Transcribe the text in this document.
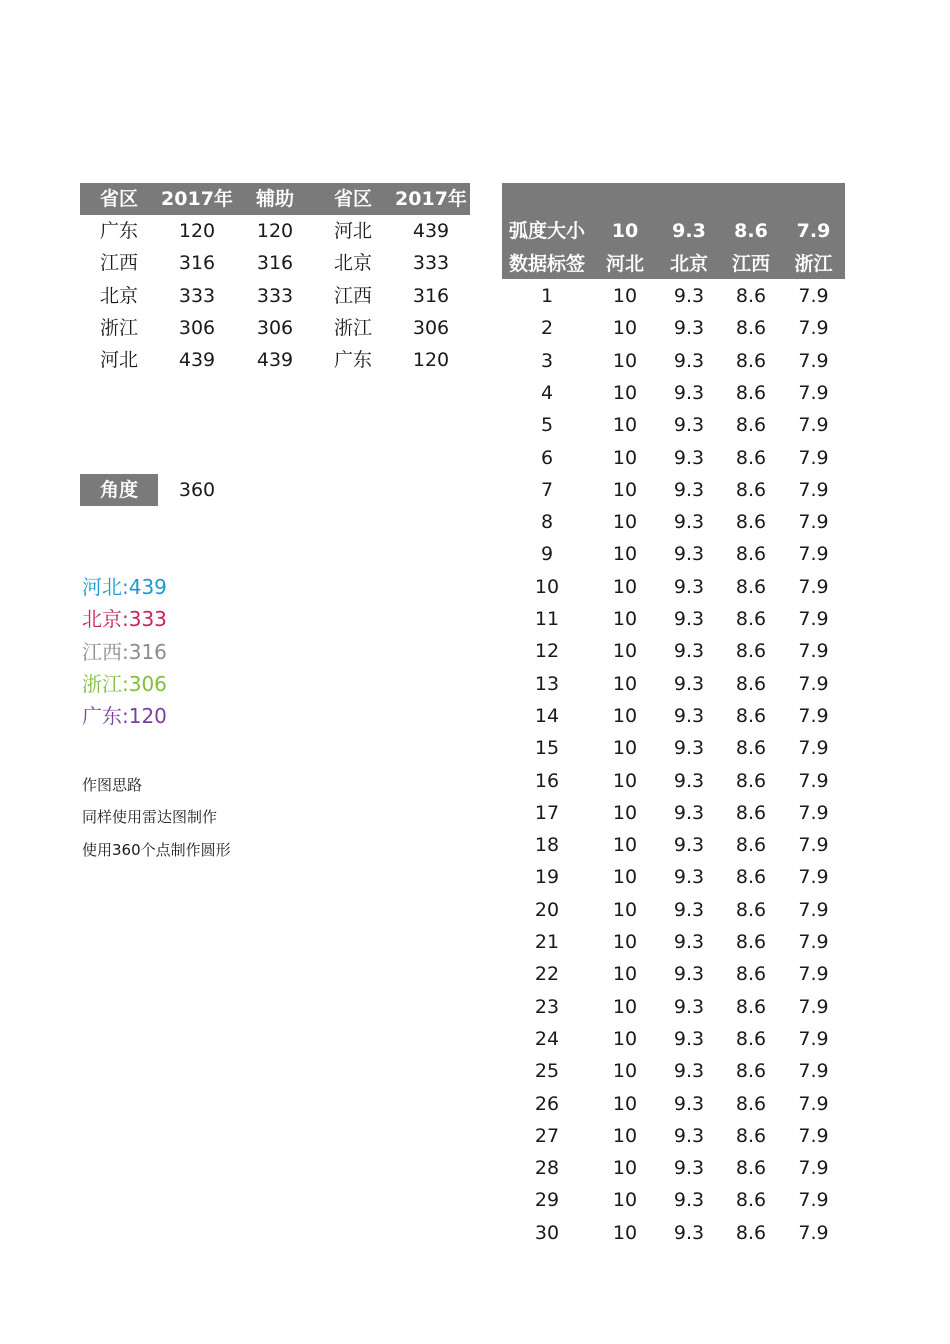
省区	2017年	辅助	省区	2017年
广东	120	120	河北	439
江西	316	316	北京	333
北京	333	333	江西	316
浙江	306	306	浙江	306
河北	439	439	广东	120
角度	360
河北:439
北京:333
江西:316
浙江:306
广东:120
作图思路
同样使用雷达图制作
使用360个点制作圆形
弧度大小	10	9.3	8.6	7.9
数据标签	河北	北京	江西	浙江
1	10	9.3	8.6	7.9
2	10	9.3	8.6	7.9
3	10	9.3	8.6	7.9
4	10	9.3	8.6	7.9
5	10	9.3	8.6	7.9
6	10	9.3	8.6	7.9
7	10	9.3	8.6	7.9
8	10	9.3	8.6	7.9
9	10	9.3	8.6	7.9
10	10	9.3	8.6	7.9
11	10	9.3	8.6	7.9
12	10	9.3	8.6	7.9
13	10	9.3	8.6	7.9
14	10	9.3	8.6	7.9
15	10	9.3	8.6	7.9
16	10	9.3	8.6	7.9
17	10	9.3	8.6	7.9
18	10	9.3	8.6	7.9
19	10	9.3	8.6	7.9
20	10	9.3	8.6	7.9
21	10	9.3	8.6	7.9
22	10	9.3	8.6	7.9
23	10	9.3	8.6	7.9
24	10	9.3	8.6	7.9
25	10	9.3	8.6	7.9
26	10	9.3	8.6	7.9
27	10	9.3	8.6	7.9
28	10	9.3	8.6	7.9
29	10	9.3	8.6	7.9
30	10	9.3	8.6	7.9
